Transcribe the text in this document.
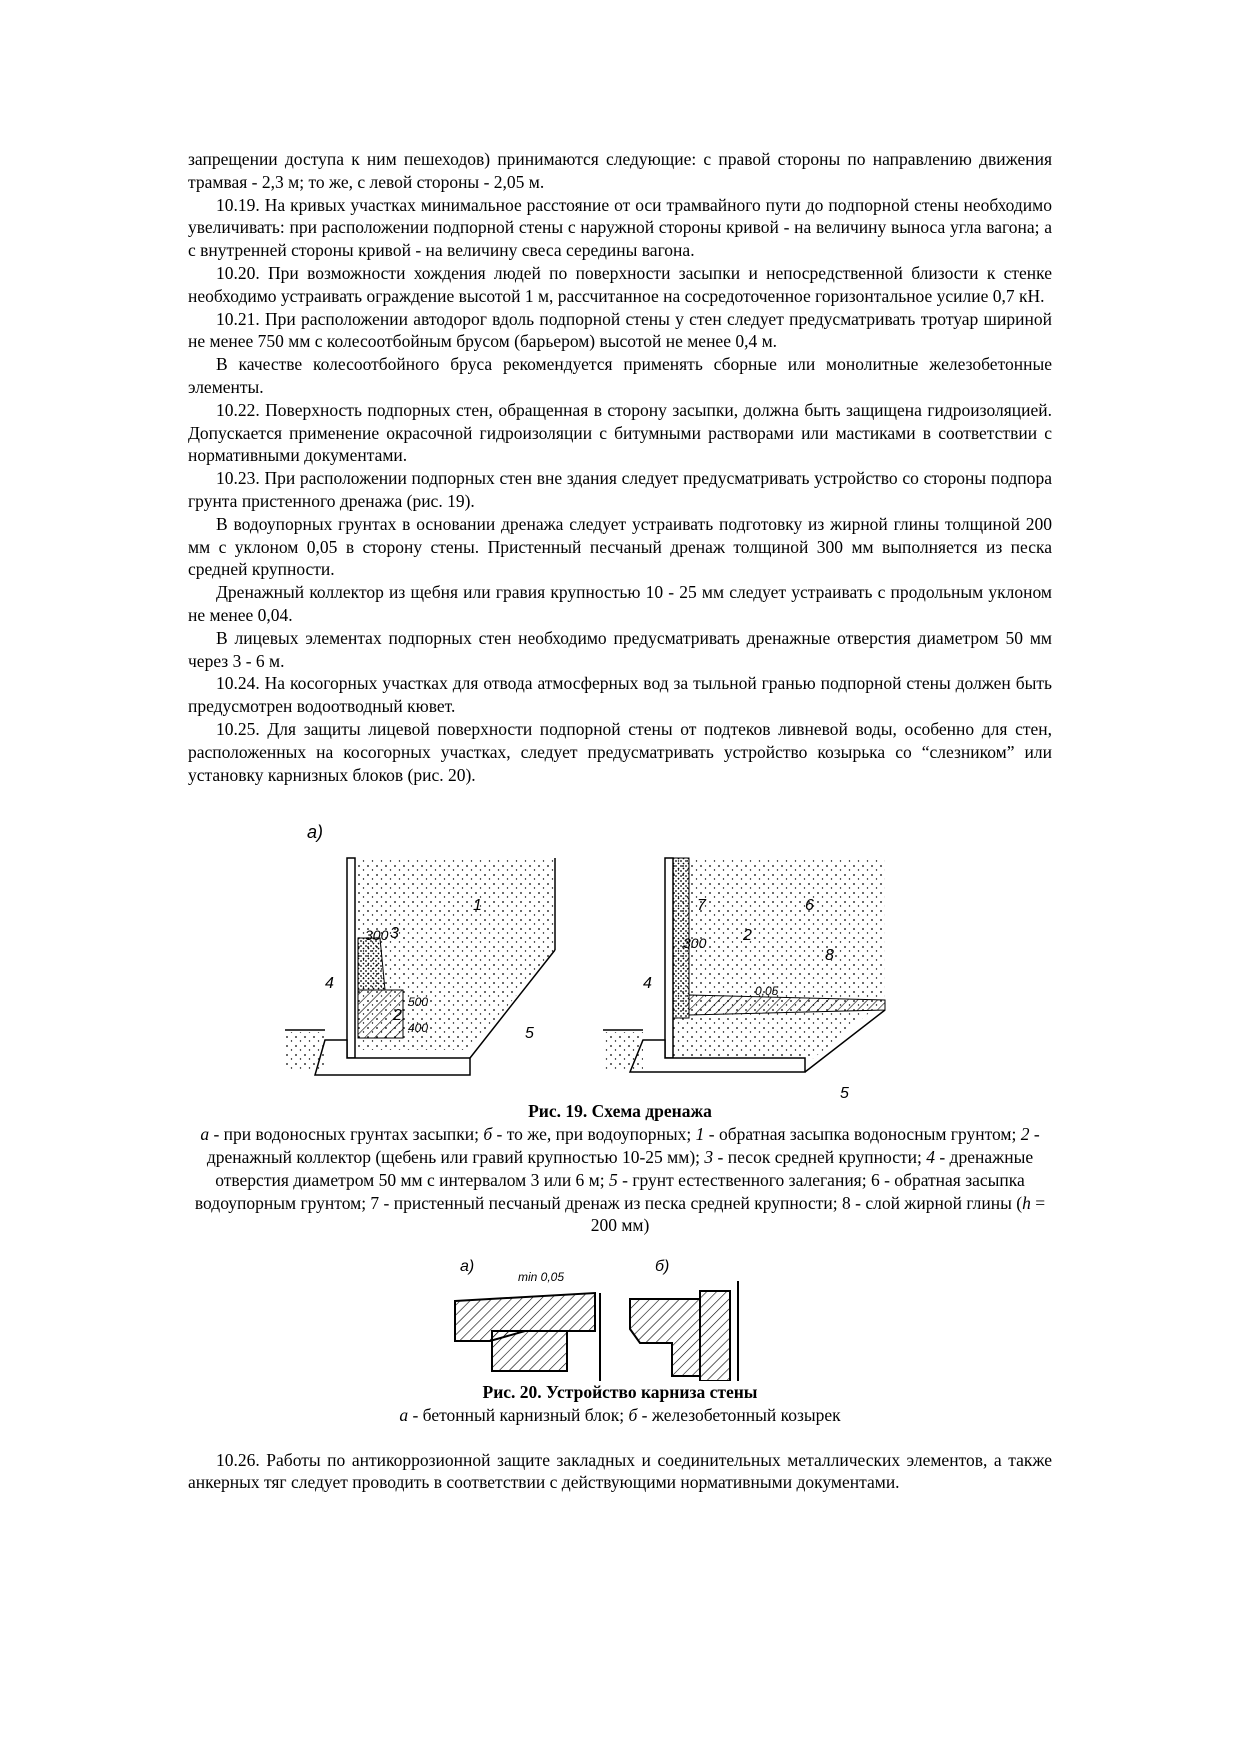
запрещении доступа к ним пешеходов) принимаются следующие: с правой стороны по направлению движения трамвая - 2,3 м; то же, с левой стороны - 2,05 м.

10.19. На кривых участках минимальное расстояние от оси трамвайного пути до подпорной стены необходимо увеличивать: при расположении подпорной стены с наружной стороны кривой - на величину выноса угла вагона; а с внутренней стороны кривой - на величину свеса середины вагона.

10.20. При возможности хождения людей по поверхности засыпки и непосредственной близости к стенке необходимо устраивать ограждение высотой 1 м, рассчитанное на сосредоточенное горизонтальное усилие 0,7 кН.

10.21. При расположении автодорог вдоль подпорной стены у стен следует предусматривать тротуар шириной не менее 750 мм с колесоотбойным брусом (барьером) высотой не менее 0,4 м.

В качестве колесоотбойного бруса рекомендуется применять сборные или монолитные железобетонные элементы.

10.22. Поверхность подпорных стен, обращенная в сторону засыпки, должна быть защищена гидроизоляцией. Допускается применение окрасочной гидроизоляции с битумными растворами или мастиками в соответствии с нормативными документами.

10.23. При расположении подпорных стен вне здания следует предусматривать устройство со стороны подпора грунта пристенного дренажа (рис. 19).

В водоупорных грунтах в основании дренажа следует устраивать подготовку из жирной глины толщиной 200 мм с уклоном 0,05 в сторону стены. Пристенный песчаный дренаж толщиной 300 мм выполняется из песка средней крупности.

Дренажный коллектор из щебня или гравия крупностью 10 - 25 мм следует устраивать с продольным уклоном не менее 0,04.

В лицевых элементах подпорных стен необходимо предусматривать дренажные отверстия диаметром 50 мм через 3 - 6 м.

10.24. На косогорных участках для отвода атмосферных вод за тыльной гранью подпорной стены должен быть предусмотрен водоотводный кювет.

10.25. Для защиты лицевой поверхности подпорной стены от подтеков ливневой воды, особенно для стен, расположенных на косогорных участках, следует предусматривать устройство козырька со “слезником” или установку карнизных блоков (рис. 20).

а)
300
500
400
1
2
3
4
5
300
0,05
2
4
5
6
7
8

Рис. 19. Схема дренажа

а - при водоносных грунтах засыпки; б - то же, при водоупорных; 1 - обратная засыпка водоносным грунтом; 2 - дренажный коллектор (щебень или гравий крупностью 10-25 мм); 3 - песок средней крупности; 4 - дренажные отверстия диаметром 50 мм с интервалом 3 или 6 м; 5 - грунт естественного залегания; 6 - обратная засыпка водоупорным грунтом; 7 - пристенный песчаный дренаж из песка средней крупности; 8 - слой жирной глины (h = 200 мм)

а)	б)
min 0,05

Рис. 20. Устройство карниза стены

а - бетонный карнизный блок; б - железобетонный козырек

10.26. Работы по антикоррозионной защите закладных и соединительных металлических элементов, а также анкерных тяг следует проводить в соответствии с действующими нормативными документами.
